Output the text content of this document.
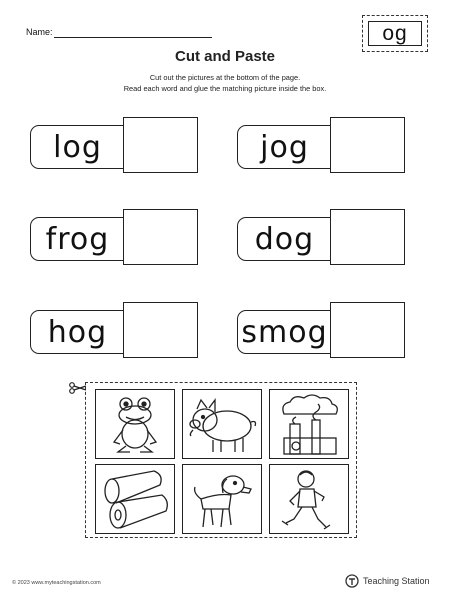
Name:	og
Cut and Paste
Cut out the pictures at the bottom of the page.
Read each word and glue the matching picture inside the box.
log	jog
frog	dog
hog	smog
© 2023 www.myteachingstation.com	Teaching Station
